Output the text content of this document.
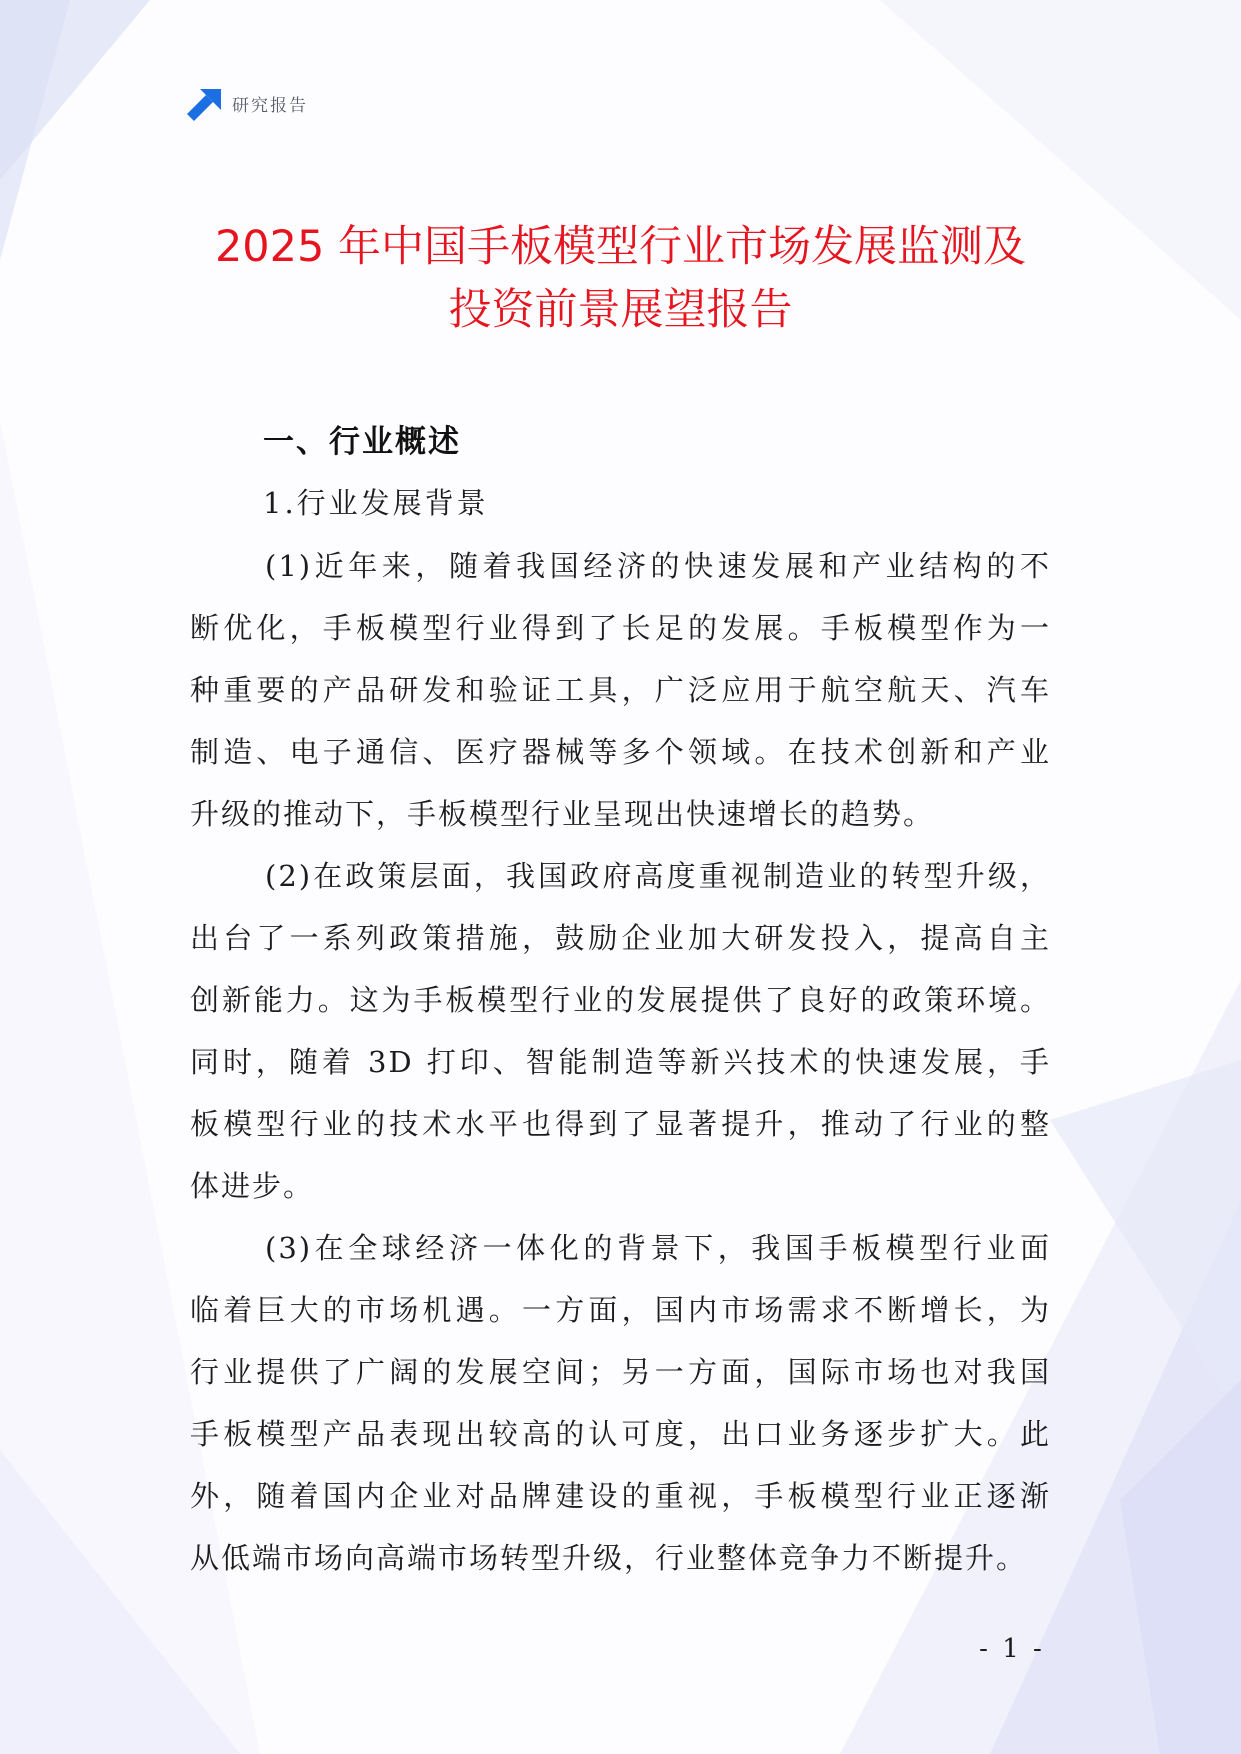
研究报告
2025 年中国手板模型行业市场发展监测及
投资前景展望报告
一、行业概述
1.行业发展背景
(1)近年来，随着我国经济的快速发展和产业结构的不
断优化，手板模型行业得到了长足的发展。手板模型作为一
种重要的产品研发和验证工具，广泛应用于航空航天、汽车
制造、电子通信、医疗器械等多个领域。在技术创新和产业
升级的推动下，手板模型行业呈现出快速增长的趋势。
(2)在政策层面，我国政府高度重视制造业的转型升级，
出台了一系列政策措施，鼓励企业加大研发投入，提高自主
创新能力。这为手板模型行业的发展提供了良好的政策环境。
同时，随着 3D 打印、智能制造等新兴技术的快速发展，手
板模型行业的技术水平也得到了显著提升，推动了行业的整
体进步。
(3)在全球经济一体化的背景下，我国手板模型行业面
临着巨大的市场机遇。一方面，国内市场需求不断增长，为
行业提供了广阔的发展空间；另一方面，国际市场也对我国
手板模型产品表现出较高的认可度，出口业务逐步扩大。此
外，随着国内企业对品牌建设的重视，手板模型行业正逐渐
从低端市场向高端市场转型升级，行业整体竞争力不断提升。
- 1 -
